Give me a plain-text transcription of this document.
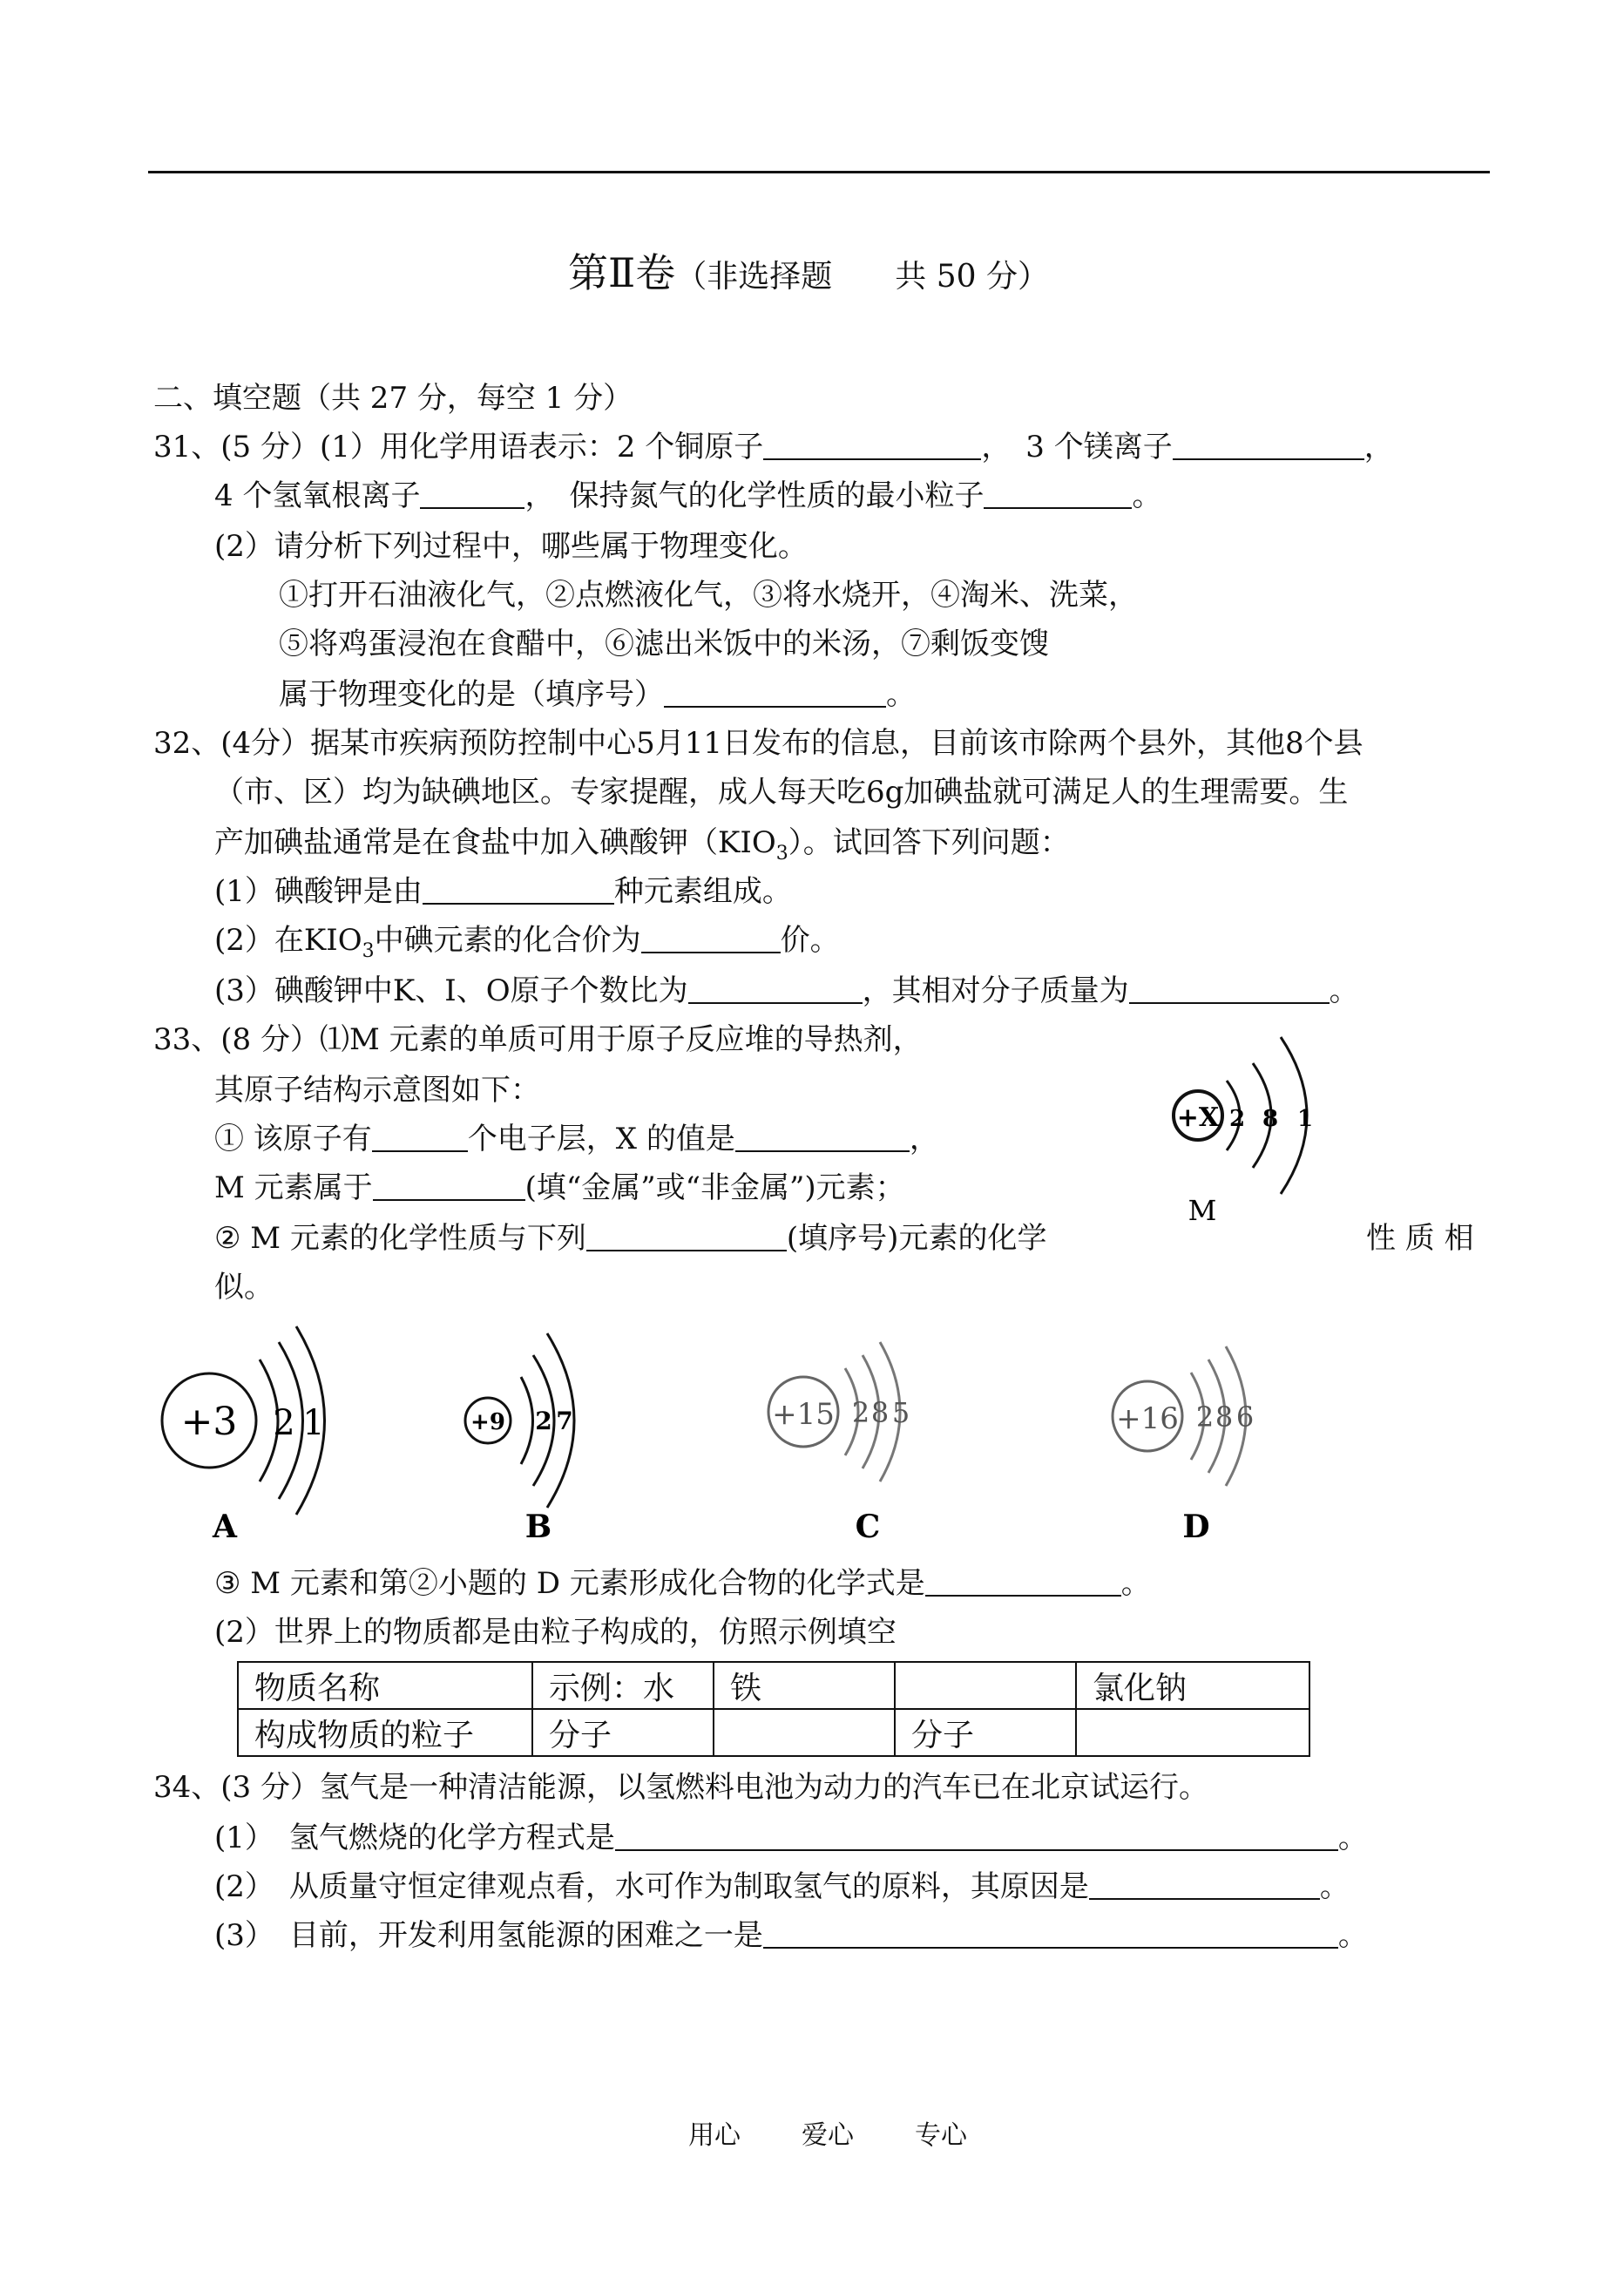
第Ⅱ卷（非选择题　　共 50 分）
二、填空题（共 27 分，每空 1 分）
31、(5 分）(1）用化学用语表示：2 个铜原子	，　3 个镁离子	，
4 个氢氧根离子	，　保持氮气的化学性质的最小粒子	。
(2）请分析下列过程中，哪些属于物理变化。
①打开石油液化气，②点燃液化气，③将水烧开，④淘米、洗菜，
⑤将鸡蛋浸泡在食醋中，⑥滤出米饭中的米汤，⑦剩饭变馊
属于物理变化的是（填序号）	。
32、(4分）据某市疾病预防控制中心5月11日发布的信息，目前该市除两个县外，其他8个县
（市、区）均为缺碘地区。专家提醒，成人每天吃6g加碘盐就可满足人的生理需要。生
产加碘盐通常是在食盐中加入碘酸钾$(KIO_3)$。试回答下列问题：
(1）碘酸钾是由	种元素组成。
(2）在$KIO_3$中碘元素的化合价为	价。
(3）碘酸钾中K、I、O原子个数比为	，其相对分子质量为	。
33、(8 分）⑴M 元素的单质可用于原子反应堆的导热剂，
其原子结构示意图如下：
① 该原子有	个电子层，X 的值是	，
M 元素属于	(填“金属”或“非金属”)元素；
② M 元素的化学性质与下列	(填序号)元素的化学	性 质 相
似。
+X 2 8 1
M
+3 2 1
A
+9 2 7
B
+15 2 8 5
C
+16 2 8 6
D
③ M 元素和第②小题的 D 元素形成化合物的化学式是	。
(2）世界上的物质都是由粒子构成的，仿照示例填空
物质名称	示例：水	铁		氯化钠
构成物质的粒子	分子		分子	
34、(3 分）氢气是一种清洁能源，以氢燃料电池为动力的汽车已在北京试运行。
(1）　氢气燃烧的化学方程式是	。
(2）　从质量守恒定律观点看，水可作为制取氢气的原料，其原因是	。
(3）　目前，开发利用氢能源的困难之一是	。
用心 爱心 专心
